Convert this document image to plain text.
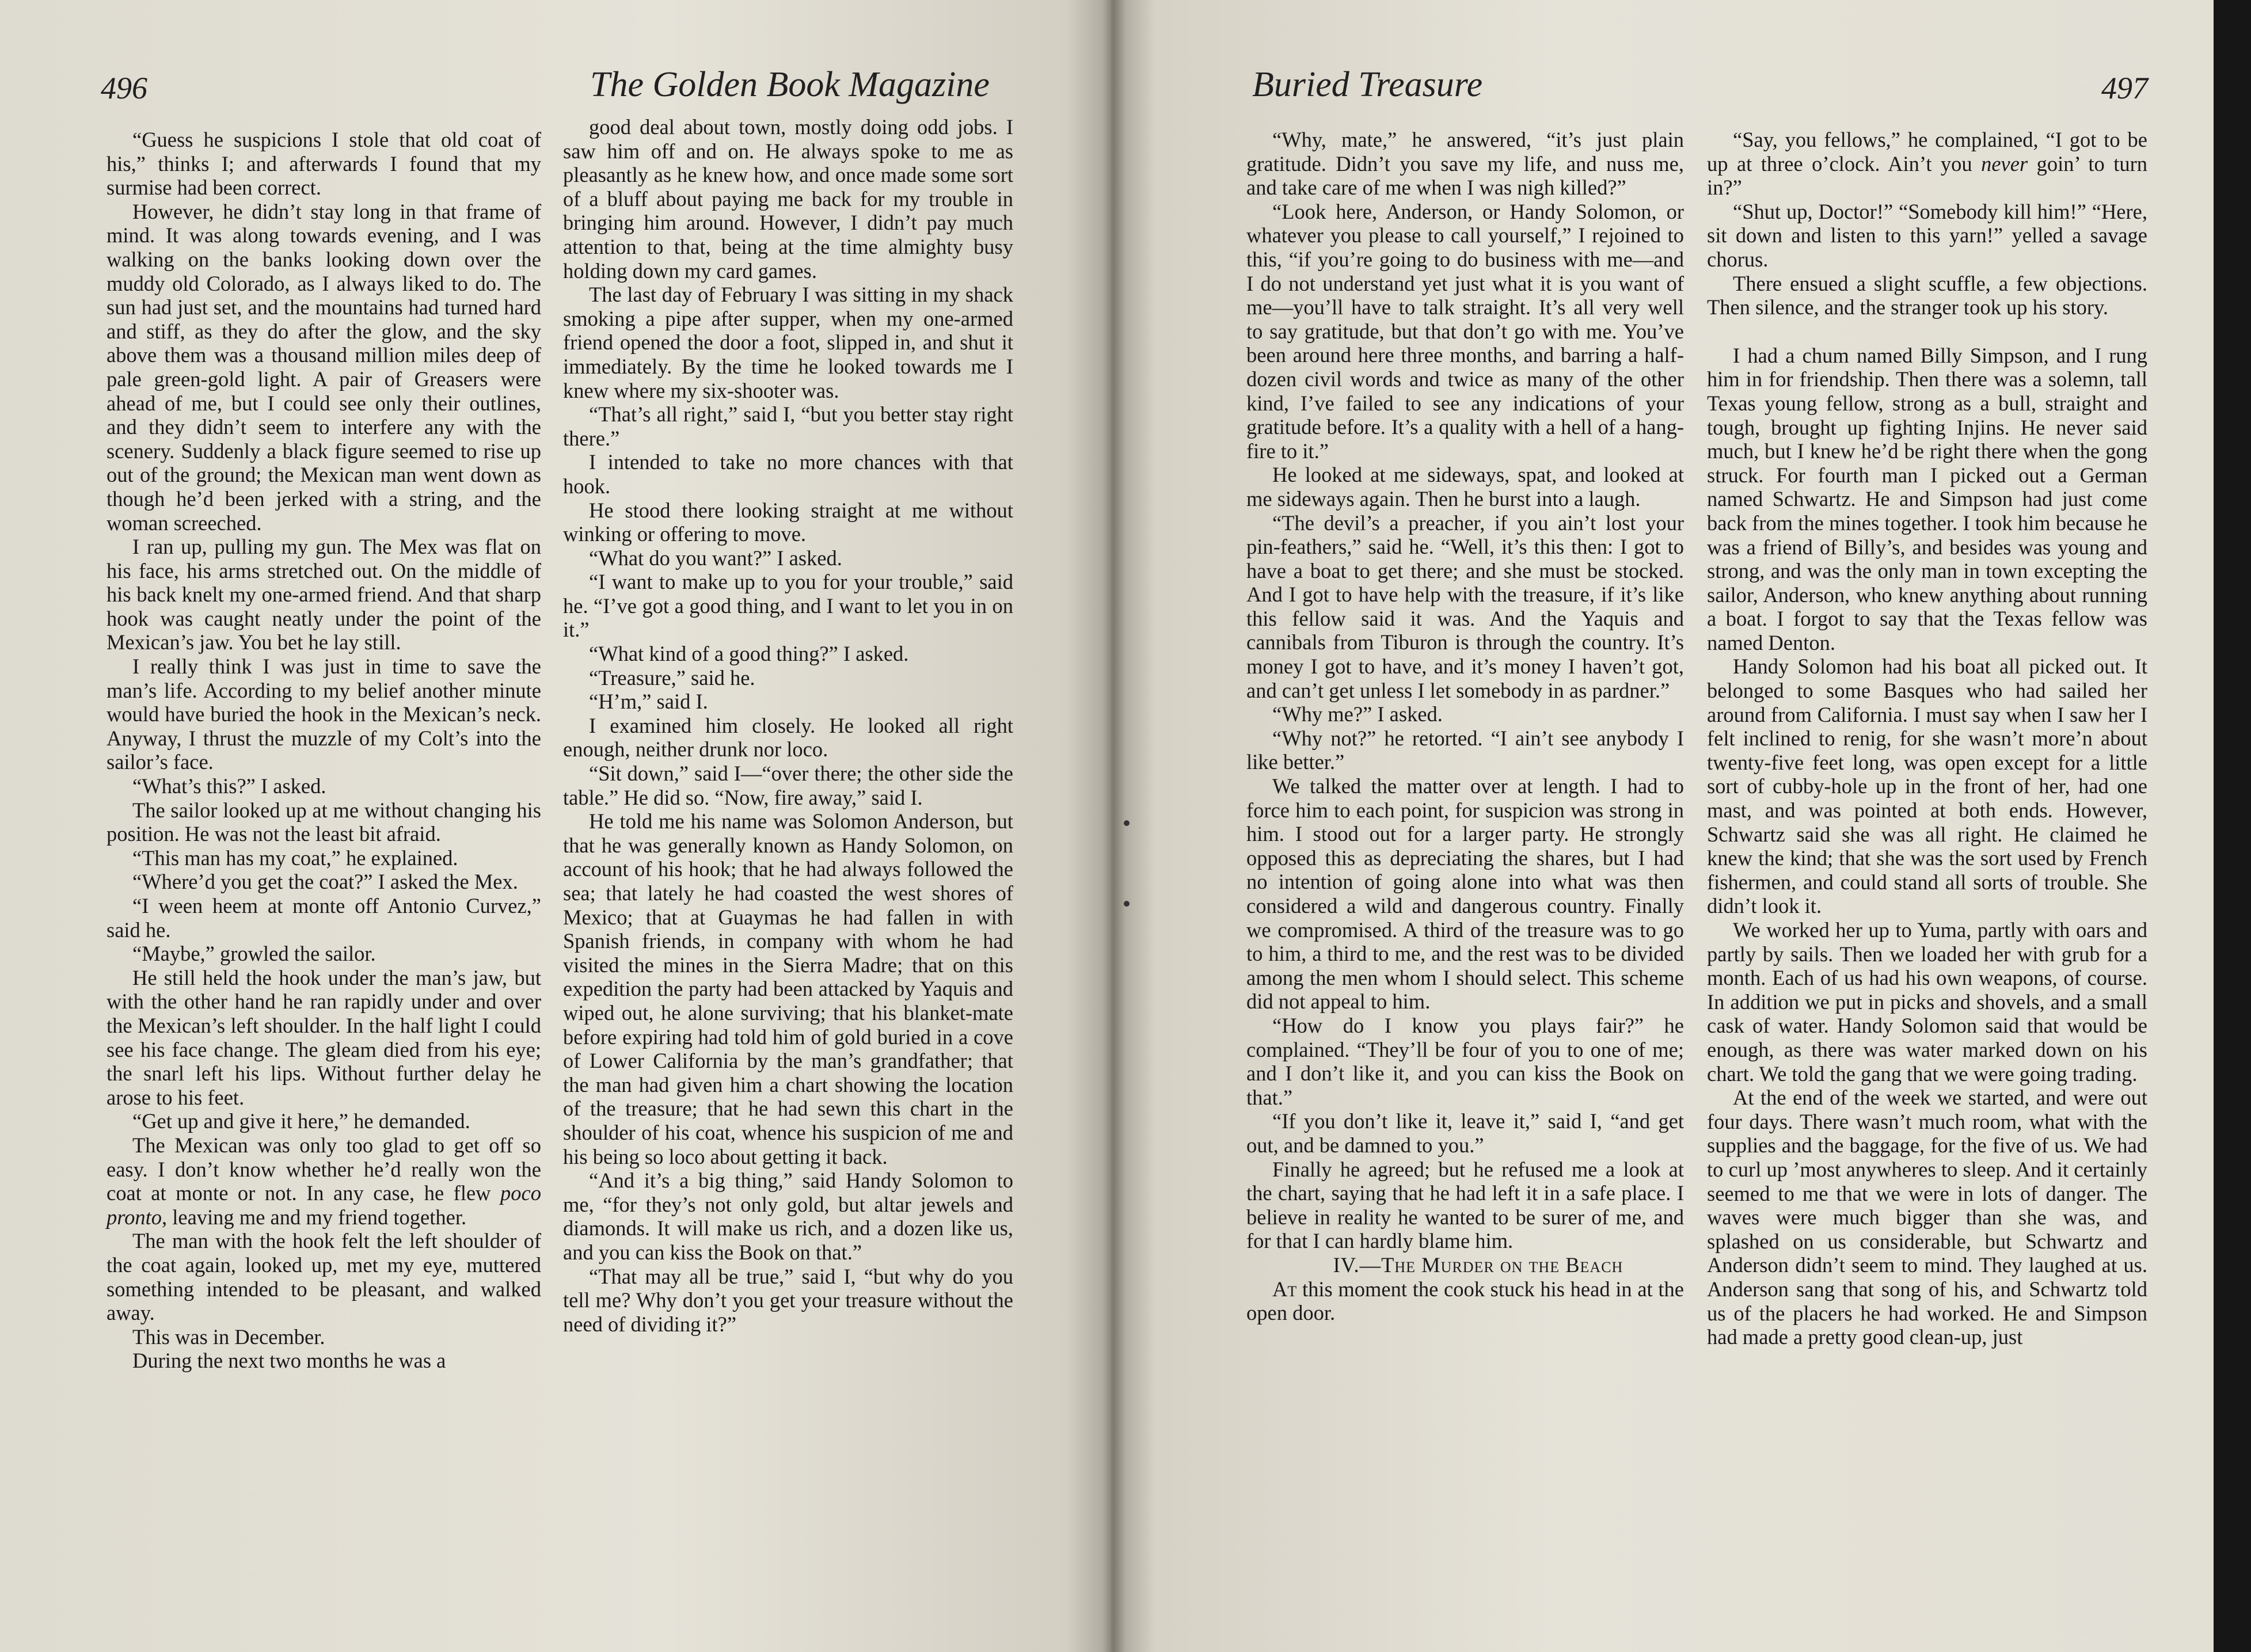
496	The Golden Book Magazine

“Guess he suspicions I stole that old coat of his,” thinks I; and afterwards I found that my surmise had been correct.

However, he didn’t stay long in that frame of mind. It was along towards evening, and I was walking on the banks looking down over the muddy old Colorado, as I always liked to do. The sun had just set, and the mountains had turned hard and stiff, as they do after the glow, and the sky above them was a thousand million miles deep of pale green-gold light. A pair of Greasers were ahead of me, but I could see only their outlines, and they didn’t seem to interfere any with the scenery. Suddenly a black figure seemed to rise up out of the ground; the Mexican man went down as though he’d been jerked with a string, and the woman screeched.

I ran up, pulling my gun. The Mex was flat on his face, his arms stretched out. On the middle of his back knelt my one-armed friend. And that sharp hook was caught neatly under the point of the Mexican’s jaw. You bet he lay still.

I really think I was just in time to save the man’s life. According to my belief another minute would have buried the hook in the Mexican’s neck. Anyway, I thrust the muzzle of my Colt’s into the sailor’s face.

“What’s this?” I asked.

The sailor looked up at me without changing his position. He was not the least bit afraid.

“This man has my coat,” he explained.

“Where’d you get the coat?” I asked the Mex.

“I ween heem at monte off Antonio Curvez,” said he.

“Maybe,” growled the sailor.

He still held the hook under the man’s jaw, but with the other hand he ran rapidly under and over the Mexican’s left shoulder. In the half light I could see his face change. The gleam died from his eye; the snarl left his lips. Without further delay he arose to his feet.

“Get up and give it here,” he demanded.

The Mexican was only too glad to get off so easy. I don’t know whether he’d really won the coat at monte or not. In any case, he flew poco pronto, leaving me and my friend together.

The man with the hook felt the left shoulder of the coat again, looked up, met my eye, muttered something intended to be pleasant, and walked away.

This was in December.

During the next two months he was a

good deal about town, mostly doing odd jobs. I saw him off and on. He always spoke to me as pleasantly as he knew how, and once made some sort of a bluff about paying me back for my trouble in bringing him around. However, I didn’t pay much attention to that, being at the time almighty busy holding down my card games.

The last day of February I was sitting in my shack smoking a pipe after supper, when my one-armed friend opened the door a foot, slipped in, and shut it immediately. By the time he looked towards me I knew where my six-shooter was.

“That’s all right,” said I, “but you better stay right there.”

I intended to take no more chances with that hook.

He stood there looking straight at me without winking or offering to move.

“What do you want?” I asked.

“I want to make up to you for your trouble,” said he. “I’ve got a good thing, and I want to let you in on it.”

“What kind of a good thing?” I asked.

“Treasure,” said he.

“H’m,” said I.

I examined him closely. He looked all right enough, neither drunk nor loco.

“Sit down,” said I—“over there; the other side the table.” He did so. “Now, fire away,” said I.

He told me his name was Solomon Anderson, but that he was generally known as Handy Solomon, on account of his hook; that he had always followed the sea; that lately he had coasted the west shores of Mexico; that at Guaymas he had fallen in with Spanish friends, in company with whom he had visited the mines in the Sierra Madre; that on this expedition the party had been attacked by Yaquis and wiped out, he alone surviving; that his blanket-mate before expiring had told him of gold buried in a cove of Lower California by the man’s grandfather; that the man had given him a chart showing the location of the treasure; that he had sewn this chart in the shoulder of his coat, whence his suspicion of me and his being so loco about getting it back.

“And it’s a big thing,” said Handy Solomon to me, “for they’s not only gold, but altar jewels and diamonds. It will make us rich, and a dozen like us, and you can kiss the Book on that.”

“That may all be true,” said I, “but why do you tell me? Why don’t you get your treasure without the need of dividing it?”

497
Buried Treasure

“Why, mate,” he answered, “it’s just plain gratitude. Didn’t you save my life, and nuss me, and take care of me when I was nigh killed?”

“Look here, Anderson, or Handy Solomon, or whatever you please to call yourself,” I rejoined to this, “if you’re going to do business with me—and I do not understand yet just what it is you want of me—you’ll have to talk straight. It’s all very well to say gratitude, but that don’t go with me. You’ve been around here three months, and barring a half-dozen civil words and twice as many of the other kind, I’ve failed to see any indications of your gratitude before. It’s a quality with a hell of a hang-fire to it.”

He looked at me sideways, spat, and looked at me sideways again. Then he burst into a laugh.

“The devil’s a preacher, if you ain’t lost your pin-feathers,” said he. “Well, it’s this then: I got to have a boat to get there; and she must be stocked. And I got to have help with the treasure, if it’s like this fellow said it was. And the Yaquis and cannibals from Tiburon is through the country. It’s money I got to have, and it’s money I haven’t got, and can’t get unless I let somebody in as pardner.”

“Why me?” I asked.

“Why not?” he retorted. “I ain’t see anybody I like better.”

We talked the matter over at length. I had to force him to each point, for suspicion was strong in him. I stood out for a larger party. He strongly opposed this as depreciating the shares, but I had no intention of going alone into what was then considered a wild and dangerous country. Finally we compromised. A third of the treasure was to go to him, a third to me, and the rest was to be divided among the men whom I should select. This scheme did not appeal to him.

“How do I know you plays fair?” he complained. “They’ll be four of you to one of me; and I don’t like it, and you can kiss the Book on that.”

“If you don’t like it, leave it,” said I, “and get out, and be damned to you.”

Finally he agreed; but he refused me a look at the chart, saying that he had left it in a safe place. I believe in reality he wanted to be surer of me, and for that I can hardly blame him.

IV.—The Murder on the Beach

At this moment the cook stuck his head in at the open door.

“Say, you fellows,” he complained, “I got to be up at three o’clock. Ain’t you never goin’ to turn in?”

“Shut up, Doctor!” “Somebody kill him!” “Here, sit down and listen to this yarn!” yelled a savage chorus.

There ensued a slight scuffle, a few objections. Then silence, and the stranger took up his story.

I had a chum named Billy Simpson, and I rung him in for friendship. Then there was a solemn, tall Texas young fellow, strong as a bull, straight and tough, brought up fighting Injins. He never said much, but I knew he’d be right there when the gong struck. For fourth man I picked out a German named Schwartz. He and Simpson had just come back from the mines together. I took him because he was a friend of Billy’s, and besides was young and strong, and was the only man in town excepting the sailor, Anderson, who knew anything about running a boat. I forgot to say that the Texas fellow was named Denton.

Handy Solomon had his boat all picked out. It belonged to some Basques who had sailed her around from California. I must say when I saw her I felt inclined to renig, for she wasn’t more’n about twenty-five feet long, was open except for a little sort of cubby-hole up in the front of her, had one mast, and was pointed at both ends. However, Schwartz said she was all right. He claimed he knew the kind; that she was the sort used by French fishermen, and could stand all sorts of trouble. She didn’t look it.

We worked her up to Yuma, partly with oars and partly by sails. Then we loaded her with grub for a month. Each of us had his own weapons, of course. In addition we put in picks and shovels, and a small cask of water. Handy Solomon said that would be enough, as there was water marked down on his chart. We told the gang that we were going trading.

At the end of the week we started, and were out four days. There wasn’t much room, what with the supplies and the baggage, for the five of us. We had to curl up ’most anywheres to sleep. And it certainly seemed to me that we were in lots of danger. The waves were much bigger than she was, and splashed on us considerable, but Schwartz and Anderson didn’t seem to mind. They laughed at us. Anderson sang that song of his, and Schwartz told us of the placers he had worked. He and Simpson had made a pretty good clean-up, just
